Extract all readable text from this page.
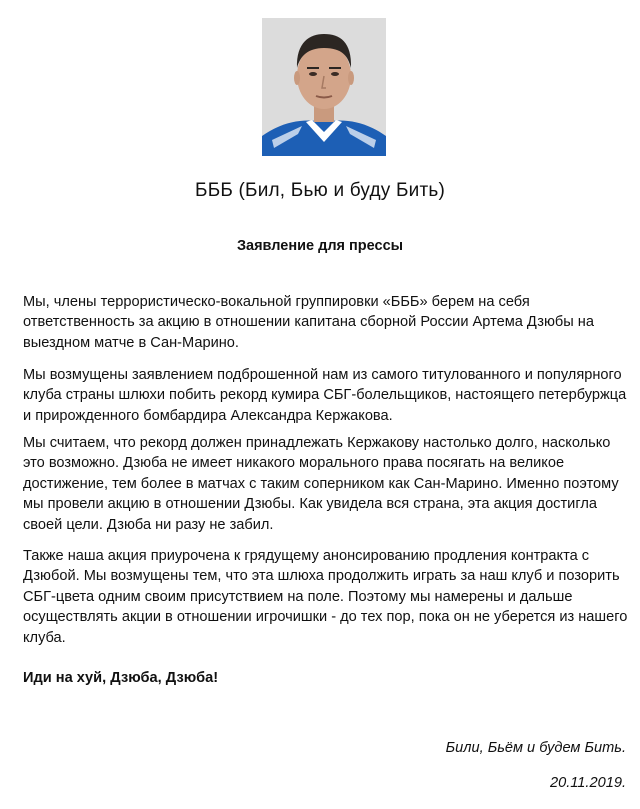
БББ (Бил, Бью и буду Бить)
Заявление для прессы

Мы, члены террористическо-вокальной группировки «БББ» берем на себя ответственность за акцию в отношении капитана сборной России Артема Дзюбы на выездном матче в Сан-Марино.

Мы возмущены заявлением подброшенной нам из самого титулованного и популярного клуба страны шлюхи побить рекорд кумира СБГ-болельщиков, настоящего петербуржца и прирожденного бомбардира Александра Кержакова.

Мы считаем, что рекорд должен принадлежать Кержакову настолько долго, насколько это возможно. Дзюба не имеет никакого морального права посягать на великое достижение, тем более в матчах с таким соперником как Сан-Марино. Именно поэтому мы провели акцию в отношении Дзюбы. Как увидела вся страна, эта акция достигла своей цели. Дзюба ни разу не забил.

Также наша акция приурочена к грядущему анонсированию продления контракта с Дзюбой. Мы возмущены тем, что эта шлюха продолжить играть за наш клуб и позорить СБГ-цвета одним своим присутствием на поле. Поэтому мы намерены и дальше осуществлять акции в отношении игрочишки - до тех пор, пока он не уберется из нашего клуба.

Иди на хуй, Дзюба, Дзюба!
Били, Бьём и будем Бить.
20.11.2019.
